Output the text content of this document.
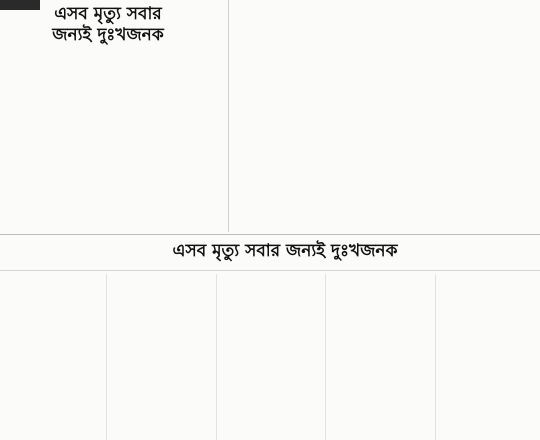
এসব মৃত্যু সবার
জন্যই দুঃখজনক
এসব মৃত্যু সবার জন্যই দুঃখজনক
